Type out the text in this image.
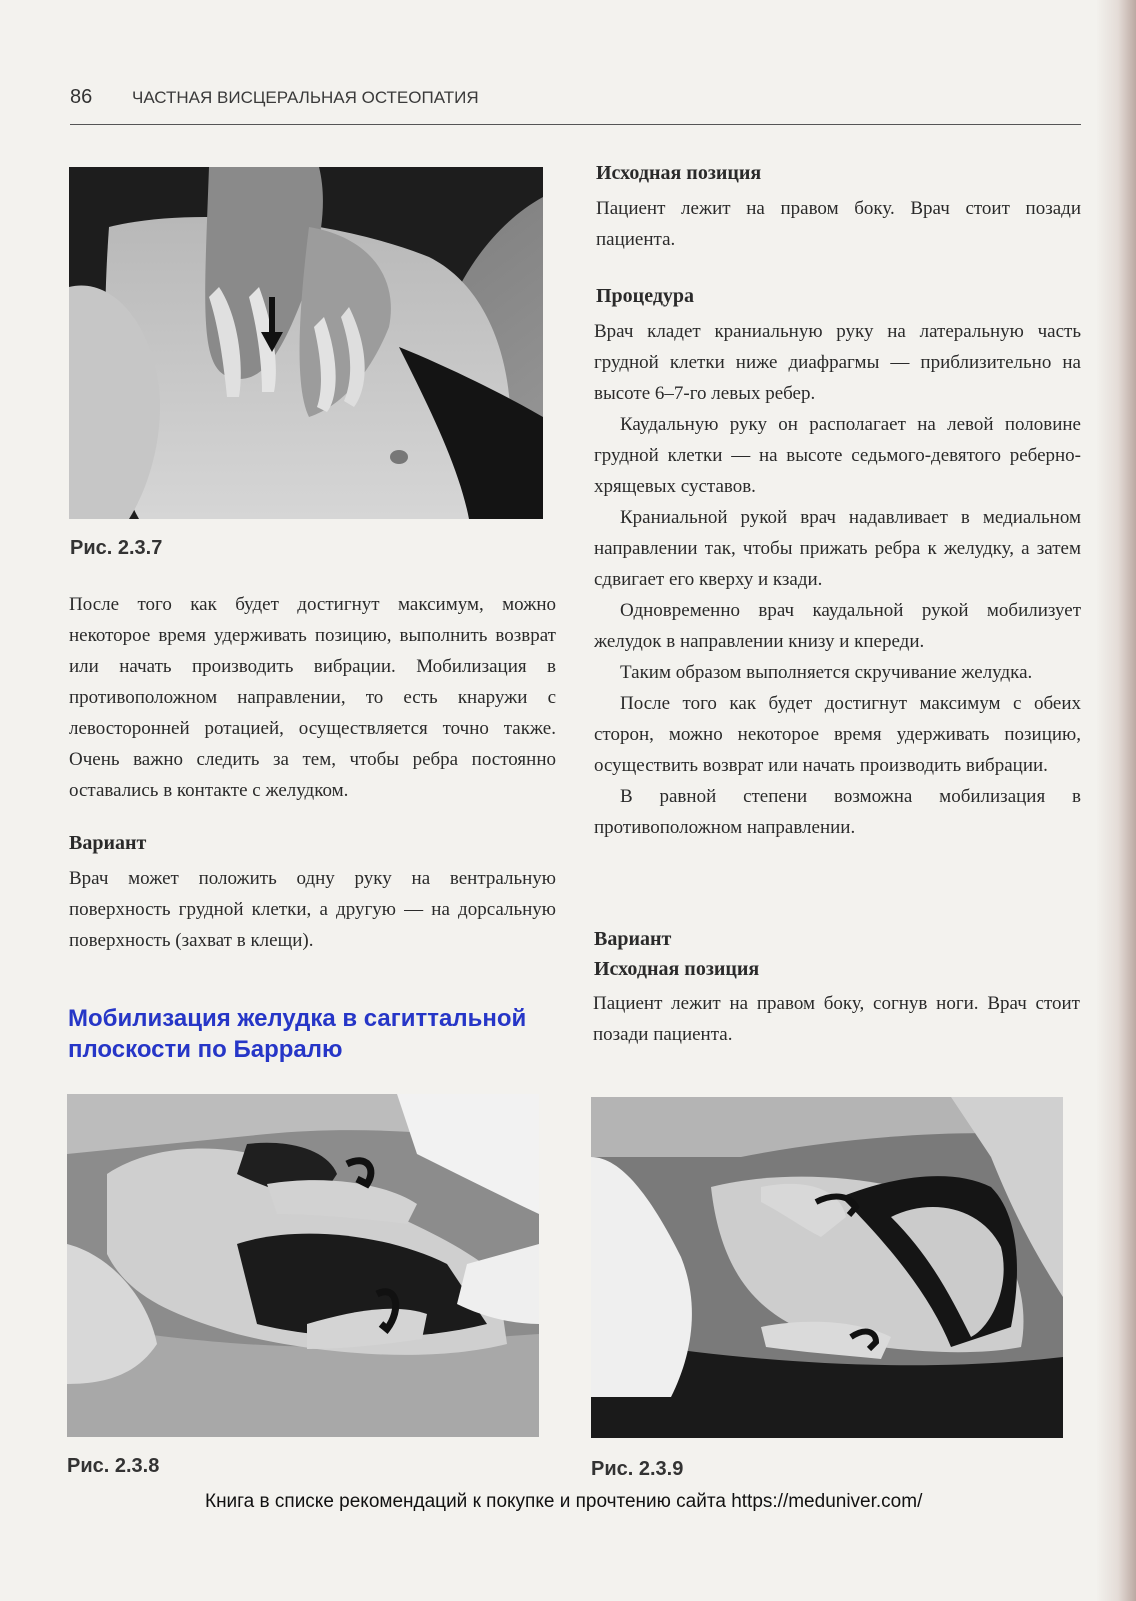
86 ЧАСТНАЯ ВИСЦЕРАЛЬНАЯ ОСТЕОПАТИЯ
Рис. 2.3.7

После того как будет достигнут максимум, можно некоторое время удерживать позицию, выполнить возврат или начать производить вибрации. Мобилизация в противоположном направлении, то есть кнаружи с левосторонней ротацией, осуществляется точно также. Очень важно следить за тем, чтобы ребра постоянно оставались в контакте с желудком.

Вариант

Врач может положить одну руку на вентральную поверхность грудной клетки, а другую — на дорсальную поверхность (захват в клещи).

Мобилизация желудка в сагиттальной плоскости по Барралю
Исходная позиция

Пациент лежит на правом боку. Врач стоит позади пациента.

Процедура
Врач кладет краниальную руку на латеральную часть грудной клетки ниже диафрагмы — приблизительно на высоте 6–7-го левых ребер.
Каудальную руку он располагает на левой половине грудной клетки — на высоте седьмого-девятого реберно-хрящевых суставов.
Краниальной рукой врач надавливает в медиальном направлении так, чтобы прижать ребра к желудку, а затем сдвигает его кверху и кзади.
Одновременно врач каудальной рукой мобилизует желудок в направлении книзу и кпереди.
Таким образом выполняется скручивание желудка.
После того как будет достигнут максимум с обеих сторон, можно некоторое время удерживать позицию, осуществить возврат или начать производить вибрации.
В равной степени возможна мобилизация в противоположном направлении.
Вариант
Исходная позиция

Пациент лежит на правом боку, согнув ноги. Врач стоит позади пациента.

Рис. 2.3.8	Рис. 2.3.9
Книга в списке рекомендаций к покупке и прочтению сайта https://meduniver.com/
